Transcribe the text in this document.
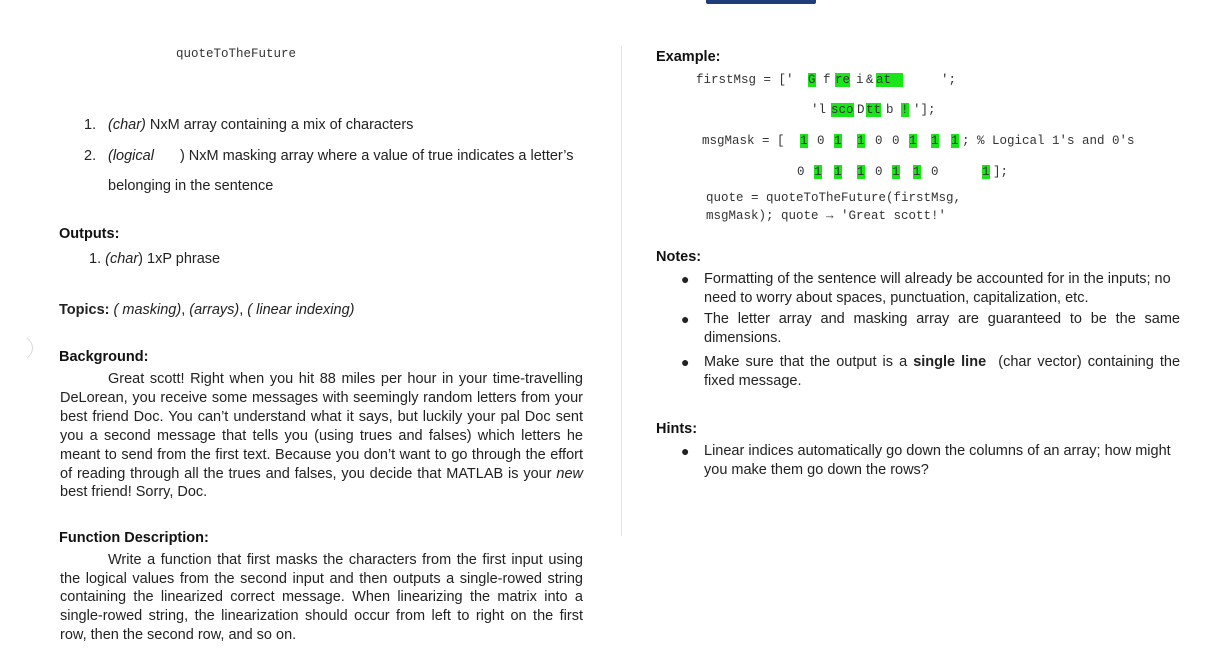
quoteToTheFuture
1. (char) NxM array containing a mix of characters
2. (logical ) NxM masking array where a value of true indicates a letter’s
belonging in the sentence
Outputs:
1. (char) 1xP phrase
Topics: ( masking), (arrays), ( linear indexing)
Background:
Great scott! Right when you hit 88 miles per hour in your time-travelling DeLorean, you receive some messages with seemingly random letters from your best friend Doc. You can’t understand what it says, but luckily your pal Doc sent you a second message that tells you (using trues and falses) which letters he meant to send from the first text. Because you don’t want to go through the effort of reading through all the trues and falses, you decide that MATLAB is your new best friend! Sorry, Doc.
Function Description:
Write a function that first masks the characters from the first input using the logical values from the second input and then outputs a single-rowed string containing the linearized correct message. When linearizing the matrix into a single-rowed string, the linearization should occur from left to right on the first row, then the second row, and so on.
Example:
firstMsg = [' G f re i & at	';
'l sco D tt b ! '];
msgMask = [ 1 0 1 1 0 0 1 1 1 ; % Logical 1's and 0's
0 1 1 1 0 1 1 0	1 ];
quote = quoteToTheFuture(firstMsg,
msgMask); quote → 'Great scott!'
Notes:
● Formatting of the sentence will already be accounted for in the inputs; no need to worry about spaces, punctuation, capitalization, etc.
● The letter array and masking array are guaranteed to be the same dimensions.
● Make sure that the output is a single line (char vector) containing the fixed message.
Hints:
● Linear indices automatically go down the columns of an array; how might you make them go down the rows?
